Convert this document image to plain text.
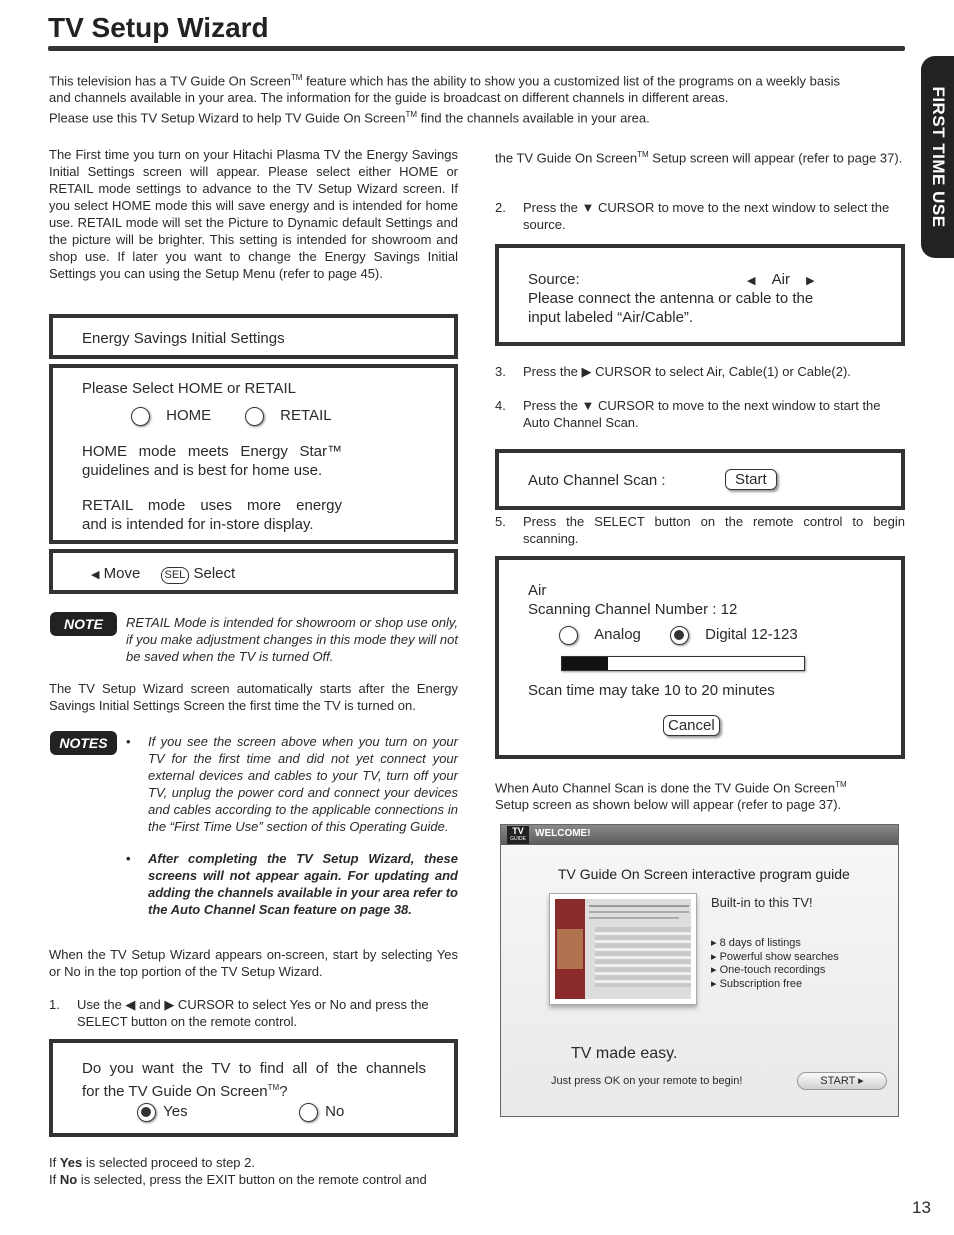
TV Setup Wizard
FIRST TIME USE
This television has a TV Guide On Screen™ feature which has the ability to show you a customized list of the programs on a weekly basis
and channels available in your area. The information for the guide is broadcast on different channels in different areas.
Please use this TV Setup Wizard to help TV Guide On Screen™ find the channels available in your area.
The First time you turn on your Hitachi Plasma TV the Energy Savings Initial Settings screen will appear. Please select either HOME or RETAIL mode settings to advance to the TV Setup Wizard screen. If you select HOME mode this will save energy and is intended for home use. RETAIL mode will set the Picture to Dynamic default Settings and the picture will be brighter. This setting is intended for showroom and shop use. If later you want to change the Energy Savings Initial Settings you can using the Setup Menu (refer to page 45).
Energy Savings Initial Settings
Please Select HOME or RETAIL
HOME	RETAIL
HOME mode meets Energy Star™
guidelines and is best for home use.
RETAIL mode uses more energy
and is intended for in-store display.
◀ Move SEL Select
NOTE	RETAIL Mode is intended for showroom or shop use only, if you make adjustment changes in this mode they will not be saved when the TV is turned Off.
The TV Setup Wizard screen automatically starts after the Energy Savings Initial Settings Screen the first time the TV is turned on.
NOTES	• If you see the screen above when you turn on your TV for the first time and did not yet connect your external devices and cables to your TV, turn off your TV, unplug the power cord and connect your devices and cables according to the applicable connections in the “First Time Use” section of this Operating Guide.
• After completing the TV Setup Wizard, these screens will not appear again. For updating and adding the channels available in your area refer to the Auto Channel Scan feature on page 38.
When the TV Setup Wizard appears on-screen, start by selecting Yes or No in the top portion of the TV Setup Wizard.
1. Use the ◀ and ▶ CURSOR to select Yes or No and press the SELECT button on the remote control.
Do you want the TV to find all of the channels
for the TV Guide On Screen™?
Yes	No
If Yes is selected proceed to step 2.
If No is selected, press the EXIT button on the remote control and
the TV Guide On Screen™ Setup screen will appear (refer to page 37).
2. Press the ▼ CURSOR to move to the next window to select the source.
Source:	◀ Air ▶
Please connect the antenna or cable to the input labeled “Air/Cable”.
3. Press the ▶ CURSOR to select Air, Cable(1) or Cable(2).
4. Press the ▼ CURSOR to move to the next window to start the Auto Channel Scan.
Auto Channel Scan :	Start
5. Press the SELECT button on the remote control to begin scanning.
Air
Scanning Channel Number : 12
Analog	Digital 12-123
Scan time may take 10 to 20 minutes
Cancel
When Auto Channel Scan is done the TV Guide On Screen™
Setup screen as shown below will appear (refer to page 37).
TV
GUIDE WELCOME!
TV Guide On Screen interactive program guide
Built-in to this TV!
▸ 8 days of listings
▸ Powerful show searches
▸ One-touch recordings
▸ Subscription free
TV made easy.
Just press OK on your remote to begin!	START ▸
13
